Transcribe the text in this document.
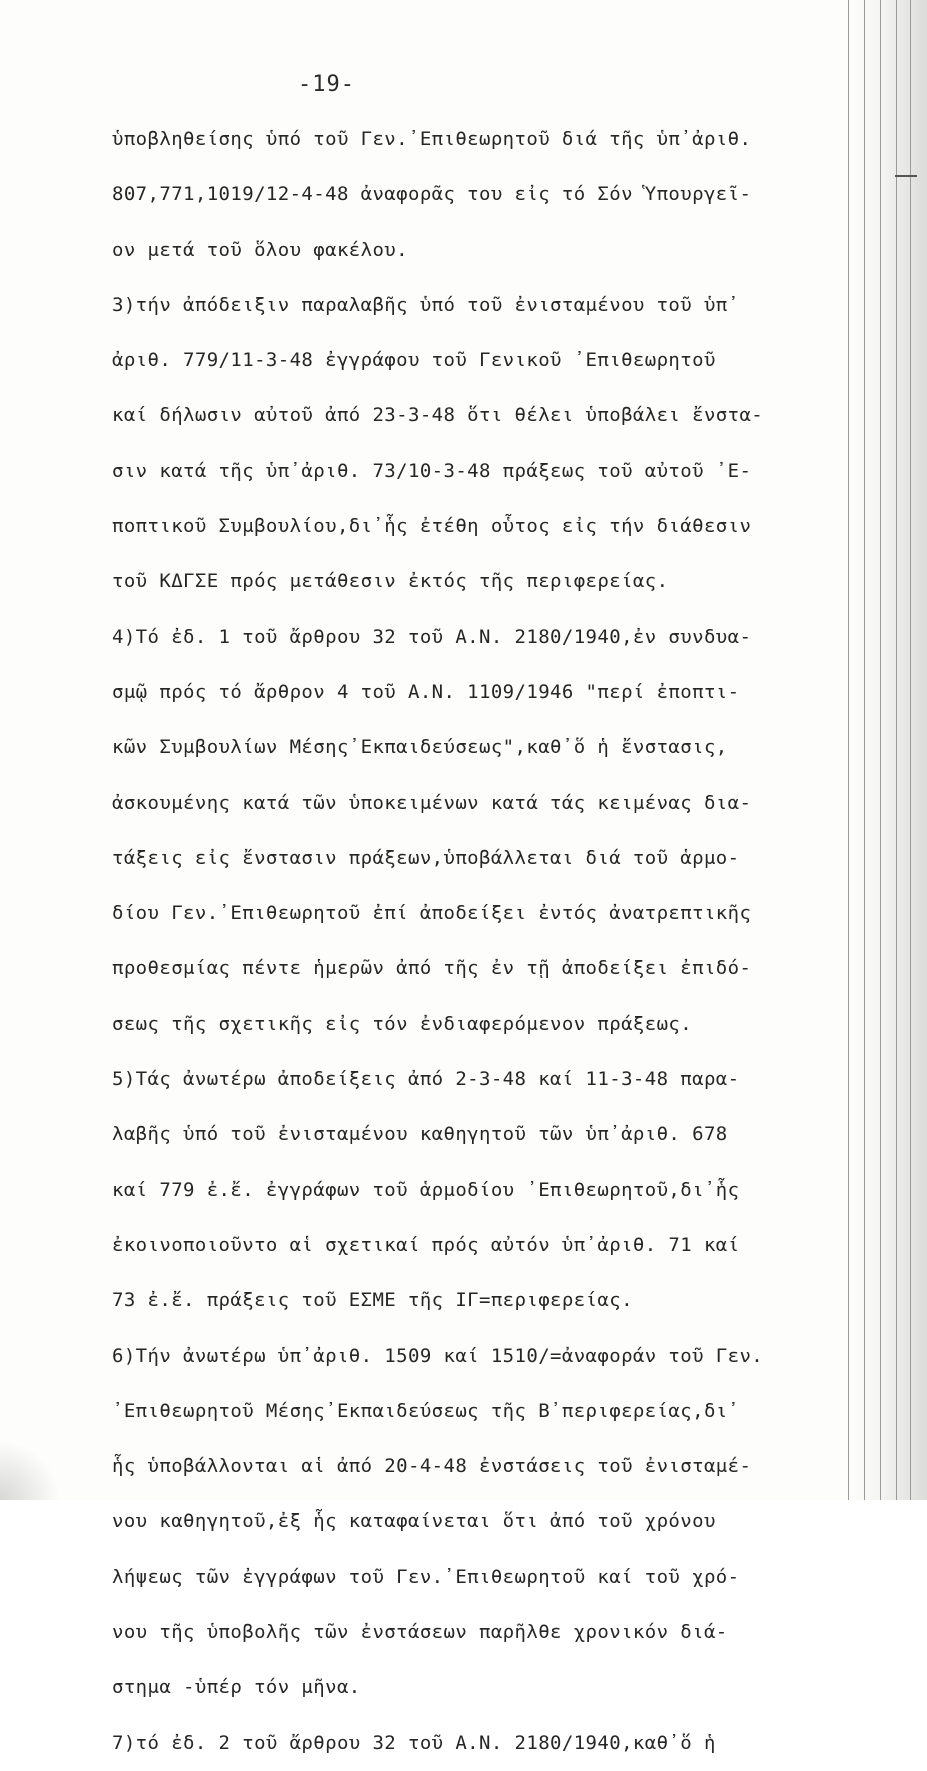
-19-
ὑποβληθείσης ὑπό τοῦ Γεν.᾽Επιθεωρητοῦ διά τῆς ὑπ᾽ἀριθ.
807,771,1019/12-4-48 ἀναφορᾶς του εἰς τό Σόν Ὑπουργεῖ-
ον μετά τοῦ ὅλου φακέλου.
3)τήν ἀπόδειξιν παραλαβῆς ὑπό τοῦ ἐνισταμένου τοῦ ὑπ᾽
ἀριθ. 779/11-3-48 ἐγγράφου τοῦ Γενικοῦ ᾽Επιθεωρητοῦ
καί δήλωσιν αὐτοῦ ἀπό 23-3-48 ὅτι θέλει ὑποβάλει ἔνστα-
σιν κατά τῆς ὑπ᾽ἀριθ. 73/10-3-48 πράξεως τοῦ αὐτοῦ ᾽Ε-
ποπτικοῦ Συμβουλίου,δι᾽ἧς ἐτέθη οὗτος εἰς τήν διάθεσιν
τοῦ ΚΔΓΣΕ πρός μετάθεσιν ἐκτός τῆς περιφερείας.
4)Τό ἐδ. 1 τοῦ ἄρθρου 32 τοῦ Α.Ν. 2180/1940,ἐν συνδυα-
σμῷ πρός τό ἄρθρον 4 τοῦ Α.Ν. 1109/1946 "περί ἐποπτι-
κῶν Συμβουλίων Μέσης᾽Εκπαιδεύσεως",καθ᾽ὅ ἡ ἔνστασις,
ἀσκουμένης κατά τῶν ὑποκειμένων κατά τάς κειμένας δια-
τάξεις εἰς ἔνστασιν πράξεων,ὑποβάλλεται διά τοῦ ἁρμο-
δίου Γεν.᾽Επιθεωρητοῦ ἐπί ἀποδείξει ἐντός ἀνατρεπτικῆς
προθεσμίας πέντε ἡμερῶν ἀπό τῆς ἐν τῇ ἀποδείξει ἐπιδό-
σεως τῆς σχετικῆς εἰς τόν ἐνδιαφερόμενον πράξεως.
5)Τάς ἀνωτέρω ἀποδείξεις ἀπό 2-3-48 καί 11-3-48 παρα-
λαβῆς ὑπό τοῦ ἐνισταμένου καθηγητοῦ τῶν ὑπ᾽ἀριθ. 678
καί 779 ἐ.ἔ. ἐγγράφων τοῦ ἁρμοδίου ᾽Επιθεωρητοῦ,δι᾽ἧς
ἐκοινοποιοῦντο αἱ σχετικαί πρός αὐτόν ὑπ᾽ἀριθ. 71 καί
73 ἐ.ἔ. πράξεις τοῦ ΕΣΜΕ τῆς ΙΓ=περιφερείας.
6)Τήν ἀνωτέρω ὑπ᾽ἀριθ. 1509 καί 1510/=ἀναφοράν τοῦ Γεν.
᾽Επιθεωρητοῦ Μέσης᾽Εκπαιδεύσεως τῆς Β᾽περιφερείας,δι᾽
ἧς ὑποβάλλονται αἱ ἀπό 20-4-48 ἐνστάσεις τοῦ ἐνισταμέ-
νου καθηγητοῦ,ἐξ ἧς καταφαίνεται ὅτι ἀπό τοῦ χρόνου
λήψεως τῶν ἐγγράφων τοῦ Γεν.᾽Επιθεωρητοῦ καί τοῦ χρό-
νου τῆς ὑποβολῆς τῶν ἐνστάσεων παρῆλθε χρονικόν διά-
στημα -ὑπέρ τόν μῆνα.
7)τό ἐδ. 2 τοῦ ἄρθρου 32 τοῦ Α.Ν. 2180/1940,καθ᾽ὅ ἡ
